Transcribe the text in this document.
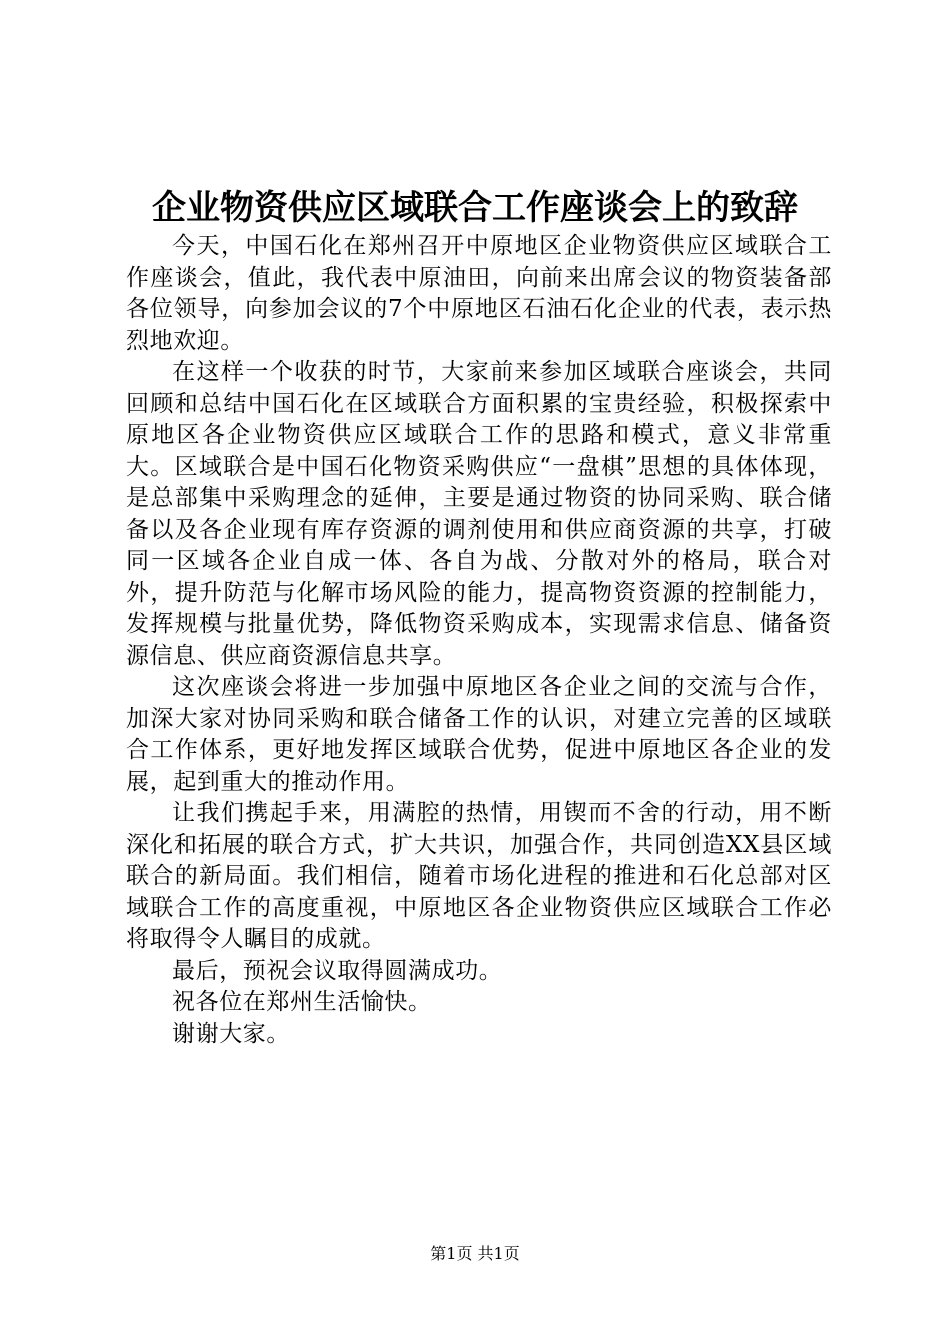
企业物资供应区域联合工作座谈会上的致辞

今天，中国石化在郑州召开中原地区企业物资供应区域联合工作座谈会，值此，我代表中原油田，向前来出席会议的物资装备部各位领导，向参加会议的7个中原地区石油石化企业的代表，表示热烈地欢迎。

在这样一个收获的时节，大家前来参加区域联合座谈会，共同回顾和总结中国石化在区域联合方面积累的宝贵经验，积极探索中原地区各企业物资供应区域联合工作的思路和模式，意义非常重大。区域联合是中国石化物资采购供应“一盘棋”思想的具体体现，是总部集中采购理念的延伸，主要是通过物资的协同采购、联合储备以及各企业现有库存资源的调剂使用和供应商资源的共享，打破同一区域各企业自成一体、各自为战、分散对外的格局，联合对外，提升防范与化解市场风险的能力，提高物资资源的控制能力，发挥规模与批量优势，降低物资采购成本，实现需求信息、储备资源信息、供应商资源信息共享。

这次座谈会将进一步加强中原地区各企业之间的交流与合作，加深大家对协同采购和联合储备工作的认识，对建立完善的区域联合工作体系，更好地发挥区域联合优势，促进中原地区各企业的发展，起到重大的推动作用。

让我们携起手来，用满腔的热情，用锲而不舍的行动，用不断深化和拓展的联合方式，扩大共识，加强合作，共同创造XX县区域联合的新局面。我们相信，随着市场化进程的推进和石化总部对区域联合工作的高度重视，中原地区各企业物资供应区域联合工作必将取得令人瞩目的成就。

最后，预祝会议取得圆满成功。

祝各位在郑州生活愉快。

谢谢大家。

第1页 共1页
